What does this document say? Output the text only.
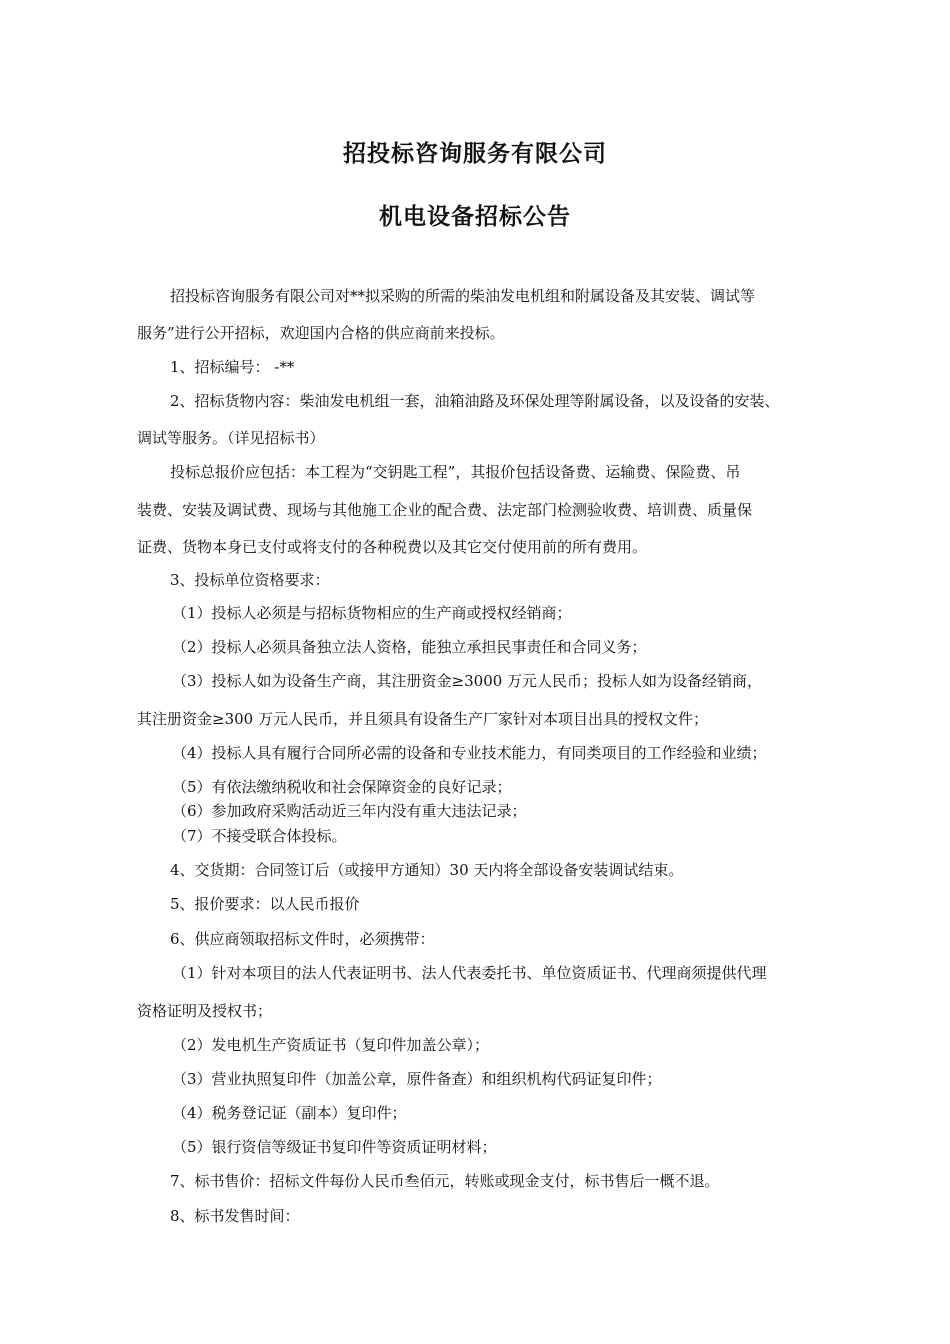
招投标咨询服务有限公司
机电设备招标公告
招投标咨询服务有限公司对**拟采购的所需的柴油发电机组和附属设备及其安装、调试等
服务”进行公开招标，欢迎国内合格的供应商前来投标。
1、招标编号： -**
2、招标货物内容：柴油发电机组一套，油箱油路及环保处理等附属设备，以及设备的安装、
调试等服务。（详见招标书）
投标总报价应包括：本工程为“交钥匙工程”，其报价包括设备费、运输费、保险费、吊
装费、安装及调试费、现场与其他施工企业的配合费、法定部门检测验收费、培训费、质量保
证费、货物本身已支付或将支付的各种税费以及其它交付使用前的所有费用。
3、投标单位资格要求：
（1）投标人必须是与招标货物相应的生产商或授权经销商；
（2）投标人必须具备独立法人资格，能独立承担民事责任和合同义务；
（3）投标人如为设备生产商，其注册资金≥3000 万元人民币；投标人如为设备经销商，
其注册资金≥300 万元人民币，并且须具有设备生产厂家针对本项目出具的授权文件；
（4）投标人具有履行合同所必需的设备和专业技术能力，有同类项目的工作经验和业绩；
（5）有依法缴纳税收和社会保障资金的良好记录；
（6）参加政府采购活动近三年内没有重大违法记录；
（7）不接受联合体投标。
4、交货期：合同签订后（或接甲方通知）30 天内将全部设备安装调试结束。
5、报价要求：以人民币报价
6、供应商领取招标文件时，必须携带：
（1）针对本项目的法人代表证明书、法人代表委托书、单位资质证书、代理商须提供代理
资格证明及授权书；
（2）发电机生产资质证书（复印件加盖公章）；
（3）营业执照复印件（加盖公章，原件备查）和组织机构代码证复印件；
（4）税务登记证（副本）复印件；
（5）银行资信等级证书复印件等资质证明材料；
7、标书售价：招标文件每份人民币叁佰元，转账或现金支付，标书售后一概不退。
8、标书发售时间：
